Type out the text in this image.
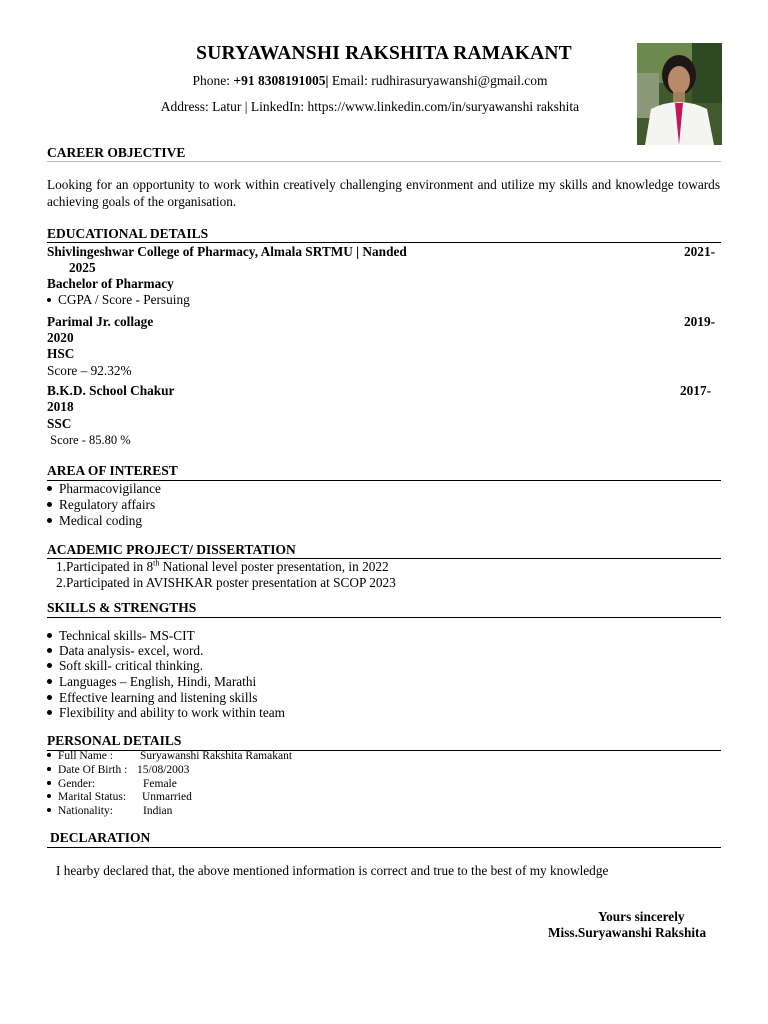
SURYAWANSHI RAKSHITA RAMAKANT
Phone: +91 8308191005| Email: rudhirasuryawanshi@gmail.com
Address: Latur | LinkedIn: https://www.linkedin.com/in/suryawanshi rakshita
CAREER OBJECTIVE
Looking for an opportunity to work within creatively challenging environment and utilize my skills and knowledge towards achieving goals of the organisation.
EDUCATIONAL DETAILS
Shivlingeshwar College of Pharmacy, Almala SRTMU | Nanded	2021-
2025
Bachelor of Pharmacy
CGPA / Score - Persuing
Parimal Jr. collage	2019-
2020
HSC
Score – 92.32%
B.K.D. School Chakur	2017-
2018
SSC
Score - 85.80 %
AREA OF INTEREST
Pharmacovigilance
Regulatory affairs
Medical coding
ACADEMIC PROJECT/ DISSERTATION
1.Participated in 8th National level poster presentation, in 2022
2.Participated in AVISHKAR poster presentation at SCOP 2023
SKILLS & STRENGTHS
Technical skills- MS-CIT
Data analysis- excel, word.
Soft skill- critical thinking.
Languages – English, Hindi, Marathi
Effective learning and listening skills
Flexibility and ability to work within team
PERSONAL DETAILS
Full Name : Suryawanshi Rakshita Ramakant
Date Of Birth : 15/08/2003
Gender:	Female
Marital Status: Unmarried
Nationality:	Indian
DECLARATION
I hearby declared that, the above mentioned information is correct and true to the best of my knowledge
Yours sincerely
Miss.Suryawanshi Rakshita
